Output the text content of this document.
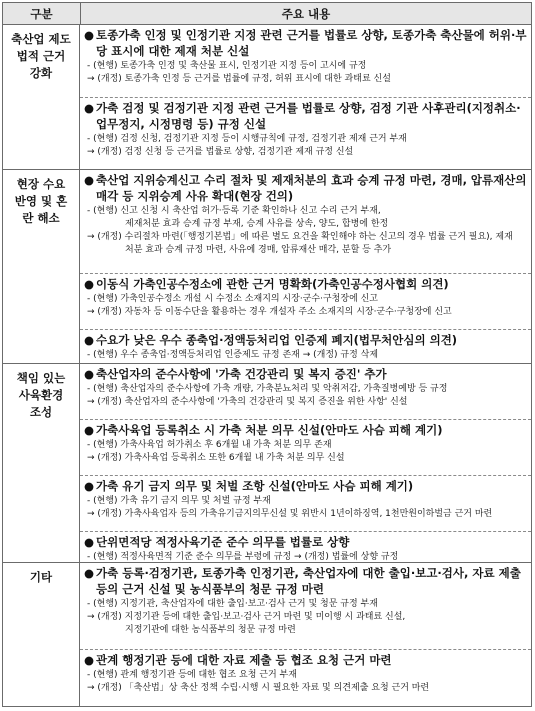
구분	주요 내용
축산업 제도
법적 근거
강화
● 토종가축 인정 및 인정기관 지정 관련 근거를 법률로 상향, 토종가축 축산물에 허위·부당 표시에 대한 제재 처분 신설
- (현행) 토종가축 인정 및 축산물 표시, 인정기관 지정 등이 고시에 규정
→ (개정) 토종가축 인정 등 근거를 법률에 규정, 허위 표시에 대한 과태료 신설
● 가축 검정 및 검정기관 지정 관련 근거를 법률로 상향, 검정 기관 사후관리(지정취소·업무정지, 시정명령 등) 규정 신설
- (현행) 검정 신청, 검정기관 지정 등이 시행규칙에 규정, 검정기관 제재 근거 부재
→ (개정) 검정 신청 등 근거를 법률로 상향, 검정기관 제재 규정 신설
현장 수요
반영 및 혼
란 해소
● 축산업 지위승계신고 수리 절차 및 제재처분의 효과 승계 규정 마련, 경매, 압류재산의 매각 등 지위승계 사유 확대(현장 건의)
- (현행) 신고 신청 시 축산업 허가·등록 기준 확인하나 신고 수리 근거 부재,
제재처분 효과 승계 규정 부재, 승계 사유를 상속, 양도, 합병에 한정
→ (개정) 수리절차 마련(「행정기본법」에 따른 별도 요건을 확인해야 하는 신고의 경우 법률 근거 필요), 제재
처분 효과 승계 규정 마련, 사유에 경매, 압류재산 매각, 분할 등 추가
● 이동식 가축인공수정소에 관한 근거 명확화(가축인공수정사협회 의견)
- (현행) 가축인공수정소 개설 시 수정소 소재지의 시장·군수·구청장에 신고
→ (개정) 자동차 등 이동수단을 활용하는 경우 개설자 주소 소재지의 시장·군수·구청장에 신고
● 수요가 낮은 우수 종축업·정액등처리업 인증제 폐지(법무처안심의 의견)
- (현행) 우수 종축업·정액등처리업 인증제도 규정 존재 → (개정) 규정 삭제
책임 있는
사육환경
조성
● 축산업자의 준수사항에 '가축 건강관리 및 복지 증진' 추가
- (현행) 축산업자의 준수사항에 가축 개량, 가축분뇨처리 및 악취저감, 가축질병예방 등 규정
→ (개정) 축산업자의 준수사항에 '가축의 건강관리 및 복지 증진을 위한 사항' 신설
● 가축사육업 등록취소 시 가축 처분 의무 신설(안마도 사슴 피해 계기)
- (현행) 가축사육업 허가취소 후 6개월 내 가축 처분 의무 존재
→ (개정) 가축사육업 등록취소 또한 6개월 내 가축 처분 의무 신설
● 가축 유기 금지 의무 및 처벌 조항 신설(안마도 사슴 피해 계기)
- (현행) 가축 유기 금지 의무 및 처벌 규정 부재
→ (개정) 가축사육업자 등의 가축유기금지의무신설 및 위반시 1년이하징역, 1천만원이하벌금 근거 마련
● 단위면적당 적정사육기준 준수 의무를 법률로 상향
- (현행) 적정사육면적 기준 준수 의무를 부령에 규정 → (개정) 법률에 상향 규정
기타	● 가축 등록·검정기관, 토종가축 인정기관, 축산업자에 대한 출입·보고·검사, 자료 제출 등의 근거 신설 및 농식품부의 청문 규정 마련
- (현행) 지정기관, 축산업자에 대한 출입·보고·검사 근거 및 청문 규정 부재
→ (개정) 지정기관 등에 대한 출입·보고·검사 근거 마련 및 미이행 시 과태료 신설,
지정기관에 대한 농식품부의 청문 규정 마련
● 관계 행정기관 등에 대한 자료 제출 등 협조 요청 근거 마련
- (현행) 관계 행정기관 등에 대한 협조 요청 근거 부재
→ (개정) 「축산법」상 축산 정책 수립·시행 시 필요한 자료 및 의견제출 요청 근거 마련
